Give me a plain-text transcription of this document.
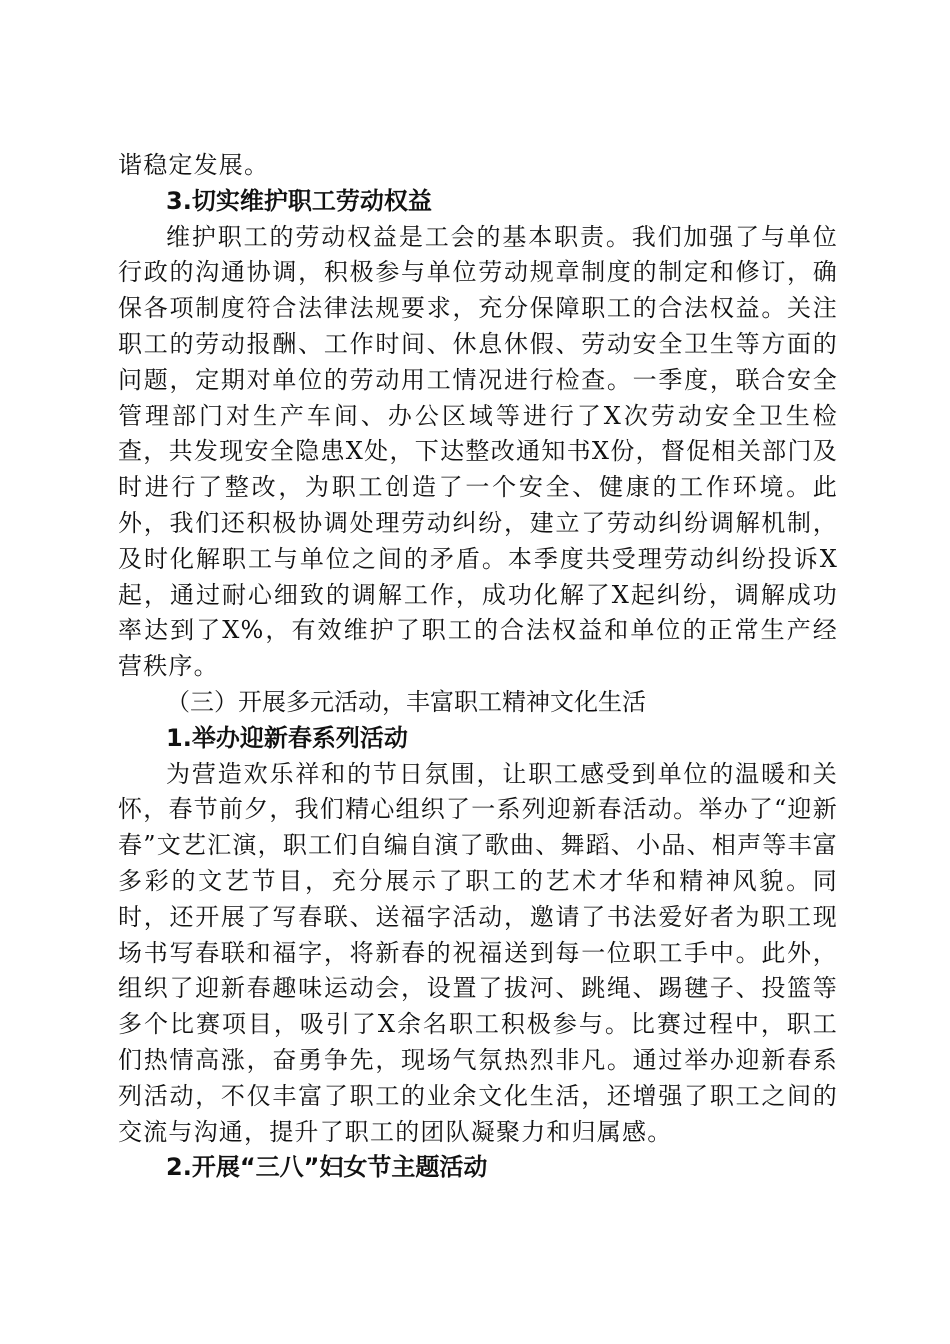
谐稳定发展。

3.切实维护职工劳动权益

维护职工的劳动权益是工会的基本职责。我们加强了与单位行政的沟通协调，积极参与单位劳动规章制度的制定和修订，确保各项制度符合法律法规要求，充分保障职工的合法权益。关注职工的劳动报酬、工作时间、休息休假、劳动安全卫生等方面的问题，定期对单位的劳动用工情况进行检查。一季度，联合安全管理部门对生产车间、办公区域等进行了X次劳动安全卫生检查，共发现安全隐患X处，下达整改通知书X份，督促相关部门及时进行了整改，为职工创造了一个安全、健康的工作环境。此外，我们还积极协调处理劳动纠纷，建立了劳动纠纷调解机制，及时化解职工与单位之间的矛盾。本季度共受理劳动纠纷投诉X起，通过耐心细致的调解工作，成功化解了X起纠纷，调解成功率达到了X%，有效维护了职工的合法权益和单位的正常生产经营秩序。

（三）开展多元活动，丰富职工精神文化生活

1.举办迎新春系列活动

为营造欢乐祥和的节日氛围，让职工感受到单位的温暖和关怀，春节前夕，我们精心组织了一系列迎新春活动。举办了“迎新春”文艺汇演，职工们自编自演了歌曲、舞蹈、小品、相声等丰富多彩的文艺节目，充分展示了职工的艺术才华和精神风貌。同时，还开展了写春联、送福字活动，邀请了书法爱好者为职工现场书写春联和福字，将新春的祝福送到每一位职工手中。此外，组织了迎新春趣味运动会，设置了拔河、跳绳、踢毽子、投篮等多个比赛项目，吸引了X余名职工积极参与。比赛过程中，职工们热情高涨，奋勇争先，现场气氛热烈非凡。通过举办迎新春系列活动，不仅丰富了职工的业余文化生活，还增强了职工之间的交流与沟通，提升了职工的团队凝聚力和归属感。

2.开展“三八”妇女节主题活动
